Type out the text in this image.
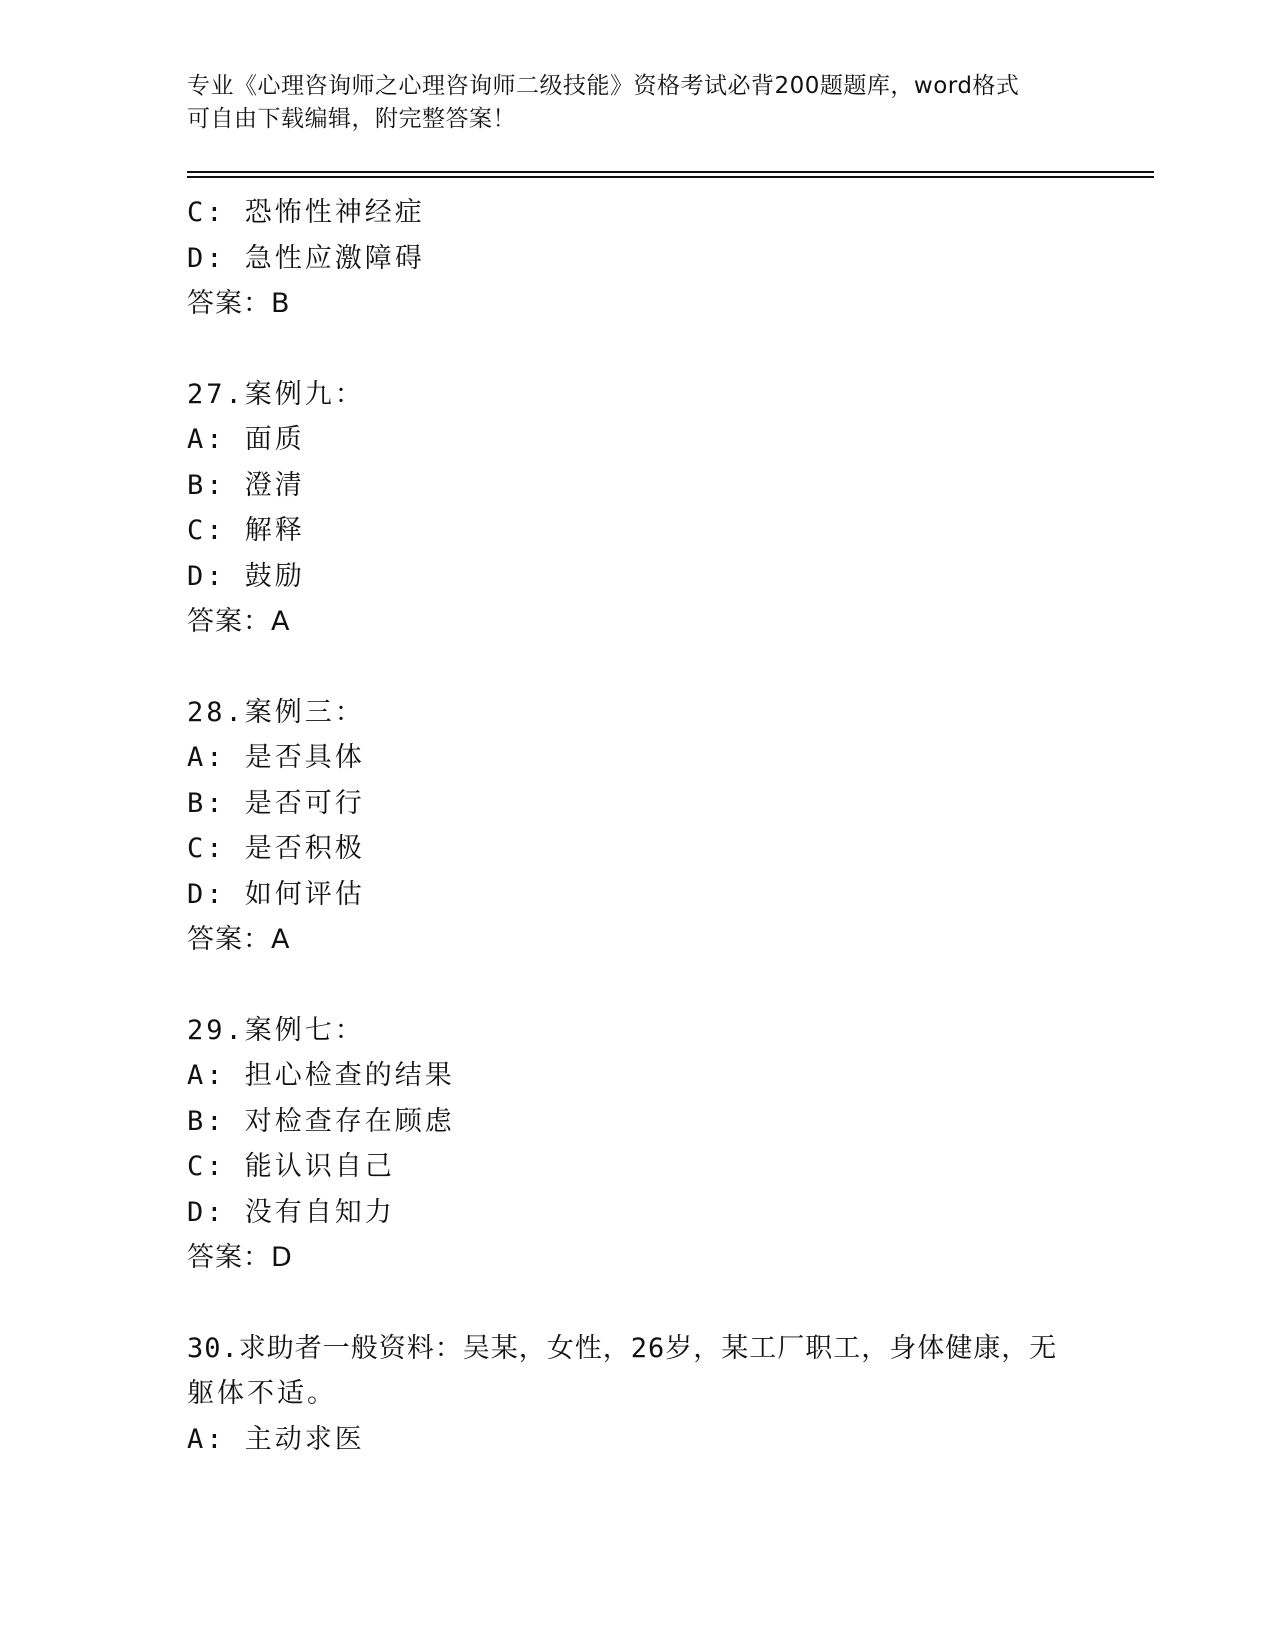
专业《心理咨询师之心理咨询师二级技能》资格考试必背200题题库，word格式
可自由下载编辑，附完整答案！
C: 恐怖性神经症
D: 急性应激障碍
答案：B
27.案例九：
A: 面质
B: 澄清
C: 解释
D: 鼓励
答案：A
28.案例三：
A: 是否具体
B: 是否可行
C: 是否积极
D: 如何评估
答案：A
29.案例七：
A: 担心检查的结果
B: 对检查存在顾虑
C: 能认识自己
D: 没有自知力
答案：D
30.求助者一般资料：吴某，女性，26岁，某工厂职工，身体健康，无
躯体不适。
A: 主动求医
